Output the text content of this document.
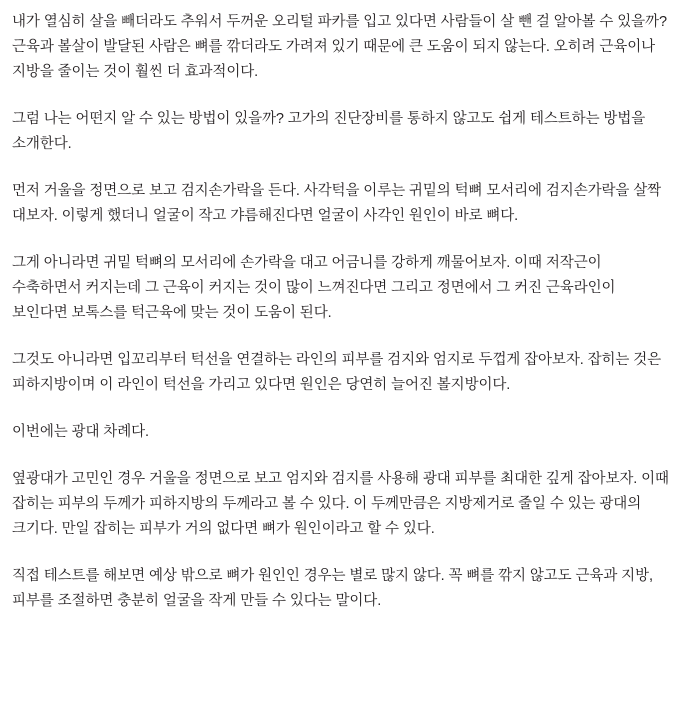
내가 열심히 살을 빼더라도 추워서 두꺼운 오리털 파카를 입고 있다면 사람들이 살 뺀 걸 알아볼 수 있을까? 근육과 볼살이 발달된 사람은 뼈를 깎더라도 가려져 있기 때문에 큰 도움이 되지 않는다. 오히려 근육이나 지방을 줄이는 것이 훨씬 더 효과적이다.

그럼 나는 어떤지 알 수 있는 방법이 있을까? 고가의 진단장비를 통하지 않고도 쉽게 테스트하는 방법을 소개한다.

먼저 거울을 정면으로 보고 검지손가락을 든다. 사각턱을 이루는 귀밑의 턱뼈 모서리에 검지손가락을 살짝 대보자. 이렇게 했더니 얼굴이 작고 갸름해진다면 얼굴이 사각인 원인이 바로 뼈다.

그게 아니라면 귀밑 턱뼈의 모서리에 손가락을 대고 어금니를 강하게 깨물어보자. 이때 저작근이 수축하면서 커지는데 그 근육이 커지는 것이 많이 느껴진다면 그리고 정면에서 그 커진 근육라인이 보인다면 보톡스를 턱근육에 맞는 것이 도움이 된다.

그것도 아니라면 입꼬리부터 턱선을 연결하는 라인의 피부를 검지와 엄지로 두껍게 잡아보자. 잡히는 것은 피하지방이며 이 라인이 턱선을 가리고 있다면 원인은 당연히 늘어진 볼지방이다.

이번에는 광대 차례다.

옆광대가 고민인 경우 거울을 정면으로 보고 엄지와 검지를 사용해 광대 피부를 최대한 깊게 잡아보자. 이때 잡히는 피부의 두께가 피하지방의 두께라고 볼 수 있다. 이 두께만큼은 지방제거로 줄일 수 있는 광대의 크기다. 만일 잡히는 피부가 거의 없다면 뼈가 원인이라고 할 수 있다.

직접 테스트를 해보면 예상 밖으로 뼈가 원인인 경우는 별로 많지 않다. 꼭 뼈를 깎지 않고도 근육과 지방, 피부를 조절하면 충분히 얼굴을 작게 만들 수 있다는 말이다.
